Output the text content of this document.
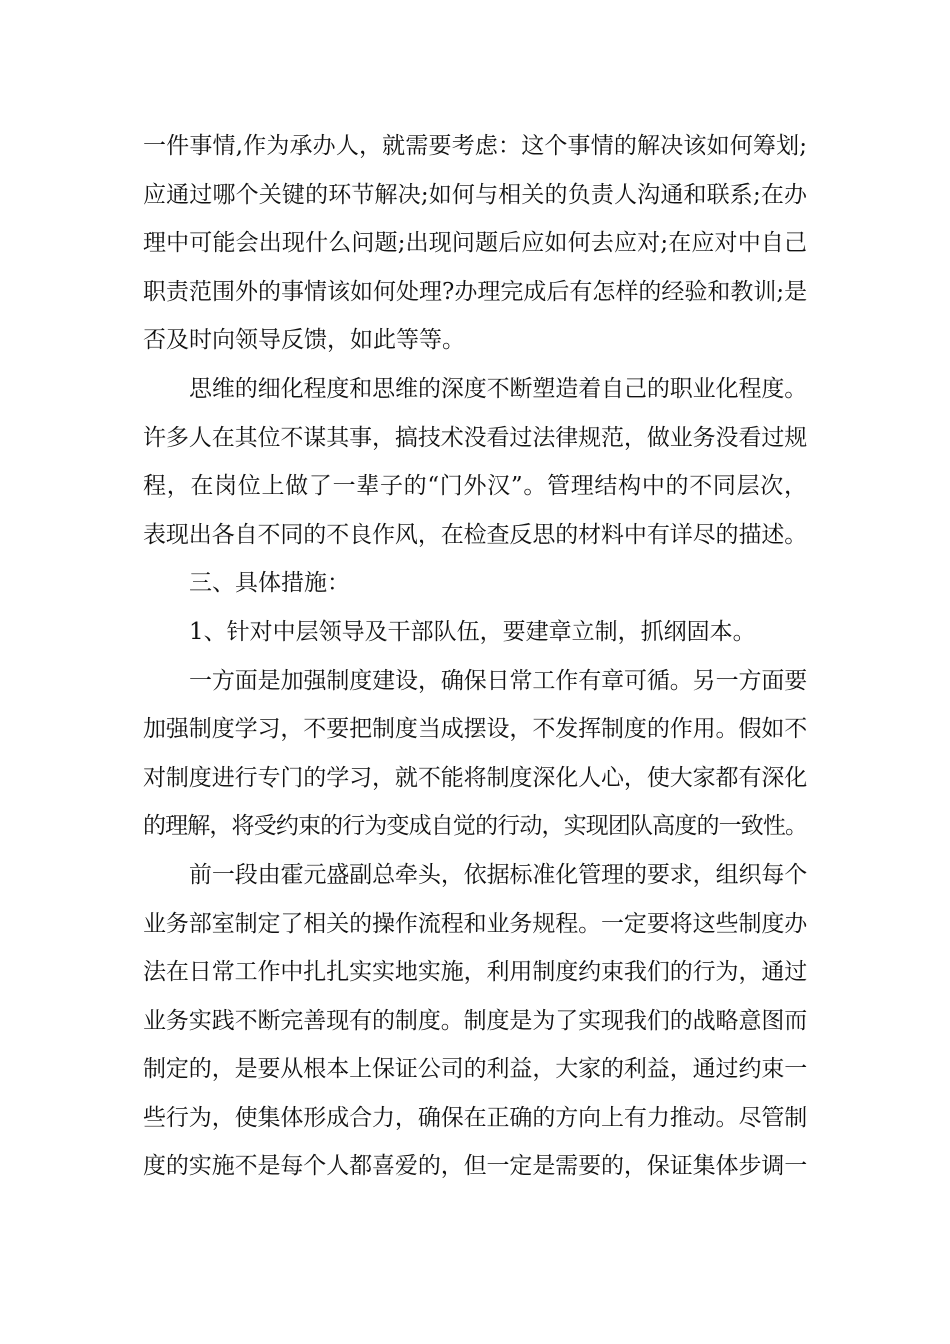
一件事情,作为承办人，就需要考虑：这个事情的解决该如何筹划;
应通过哪个关键的环节解决;如何与相关的负责人沟通和联系;在办
理中可能会出现什么问题;出现问题后应如何去应对;在应对中自己
职责范围外的事情该如何处理?办理完成后有怎样的经验和教训;是
否及时向领导反馈，如此等等。
思维的细化程度和思维的深度不断塑造着自己的职业化程度。
许多人在其位不谋其事，搞技术没看过法律规范，做业务没看过规
程，在岗位上做了一辈子的“门外汉”。管理结构中的不同层次，
表现出各自不同的不良作风，在检查反思的材料中有详尽的描述。
三、具体措施：
1、针对中层领导及干部队伍，要建章立制，抓纲固本。
一方面是加强制度建设，确保日常工作有章可循。另一方面要
加强制度学习，不要把制度当成摆设，不发挥制度的作用。假如不
对制度进行专门的学习，就不能将制度深化人心，使大家都有深化
的理解，将受约束的行为变成自觉的行动，实现团队高度的一致性。
前一段由霍元盛副总牵头，依据标准化管理的要求，组织每个
业务部室制定了相关的操作流程和业务规程。一定要将这些制度办
法在日常工作中扎扎实实地实施，利用制度约束我们的行为，通过
业务实践不断完善现有的制度。制度是为了实现我们的战略意图而
制定的，是要从根本上保证公司的利益，大家的利益，通过约束一
些行为，使集体形成合力，确保在正确的方向上有力推动。尽管制
度的实施不是每个人都喜爱的，但一定是需要的，保证集体步调一
